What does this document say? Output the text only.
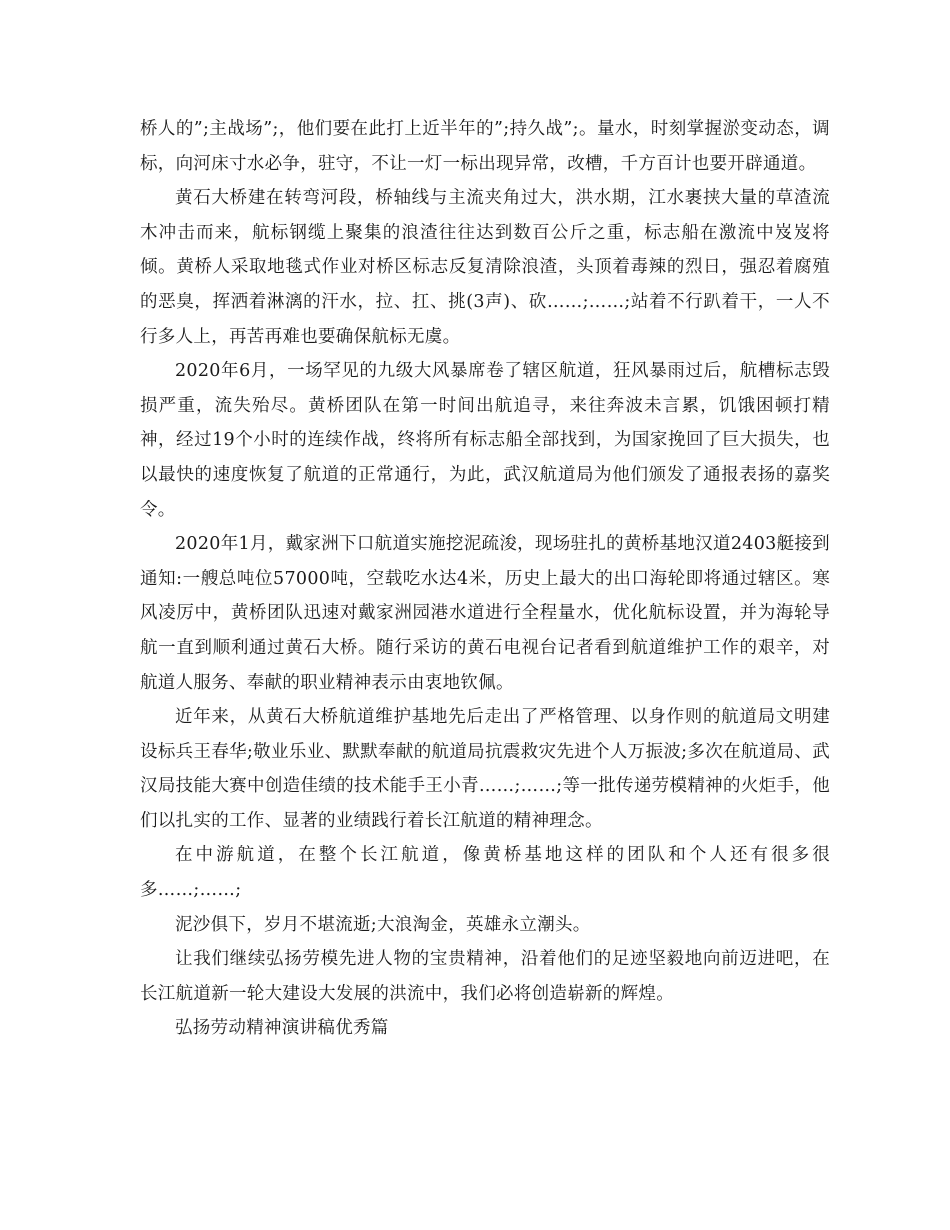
桥人的”;主战场”;，他们要在此打上近半年的”;持久战”;。量水，时刻掌握淤变动态，调标，向河床寸水必争，驻守，不让一灯一标出现异常，改槽，千方百计也要开辟通道。

黄石大桥建在转弯河段，桥轴线与主流夹角过大，洪水期，江水裹挟大量的草渣流木冲击而来，航标钢缆上聚集的浪渣往往达到数百公斤之重，标志船在激流中岌岌将倾。黄桥人采取地毯式作业对桥区标志反复清除浪渣，头顶着毒辣的烈日，强忍着腐殖的恶臭，挥洒着淋漓的汗水，拉、扛、挑(3声)、砍……;……;站着不行趴着干，一人不行多人上，再苦再难也要确保航标无虞。

2020年6月，一场罕见的九级大风暴席卷了辖区航道，狂风暴雨过后，航槽标志毁损严重，流失殆尽。黄桥团队在第一时间出航追寻，来往奔波未言累，饥饿困顿打精神，经过19个小时的连续作战，终将所有标志船全部找到，为国家挽回了巨大损失，也以最快的速度恢复了航道的正常通行，为此，武汉航道局为他们颁发了通报表扬的嘉奖令。

2020年1月，戴家洲下口航道实施挖泥疏浚，现场驻扎的黄桥基地汉道2403艇接到通知:一艘总吨位57000吨，空载吃水达4米，历史上最大的出口海轮即将通过辖区。寒风凌厉中，黄桥团队迅速对戴家洲园港水道进行全程量水，优化航标设置，并为海轮导航一直到顺利通过黄石大桥。随行采访的黄石电视台记者看到航道维护工作的艰辛，对航道人服务、奉献的职业精神表示由衷地钦佩。

近年来，从黄石大桥航道维护基地先后走出了严格管理、以身作则的航道局文明建设标兵王春华;敬业乐业、默默奉献的航道局抗震救灾先进个人万振波;多次在航道局、武汉局技能大赛中创造佳绩的技术能手王小青……;……;等一批传递劳模精神的火炬手，他们以扎实的工作、显著的业绩践行着长江航道的精神理念。

在中游航道，在整个长江航道，像黄桥基地这样的团队和个人还有很多很多……;……;

泥沙俱下，岁月不堪流逝;大浪淘金，英雄永立潮头。

让我们继续弘扬劳模先进人物的宝贵精神，沿着他们的足迹坚毅地向前迈进吧，在长江航道新一轮大建设大发展的洪流中，我们必将创造崭新的辉煌。

弘扬劳动精神演讲稿优秀篇
